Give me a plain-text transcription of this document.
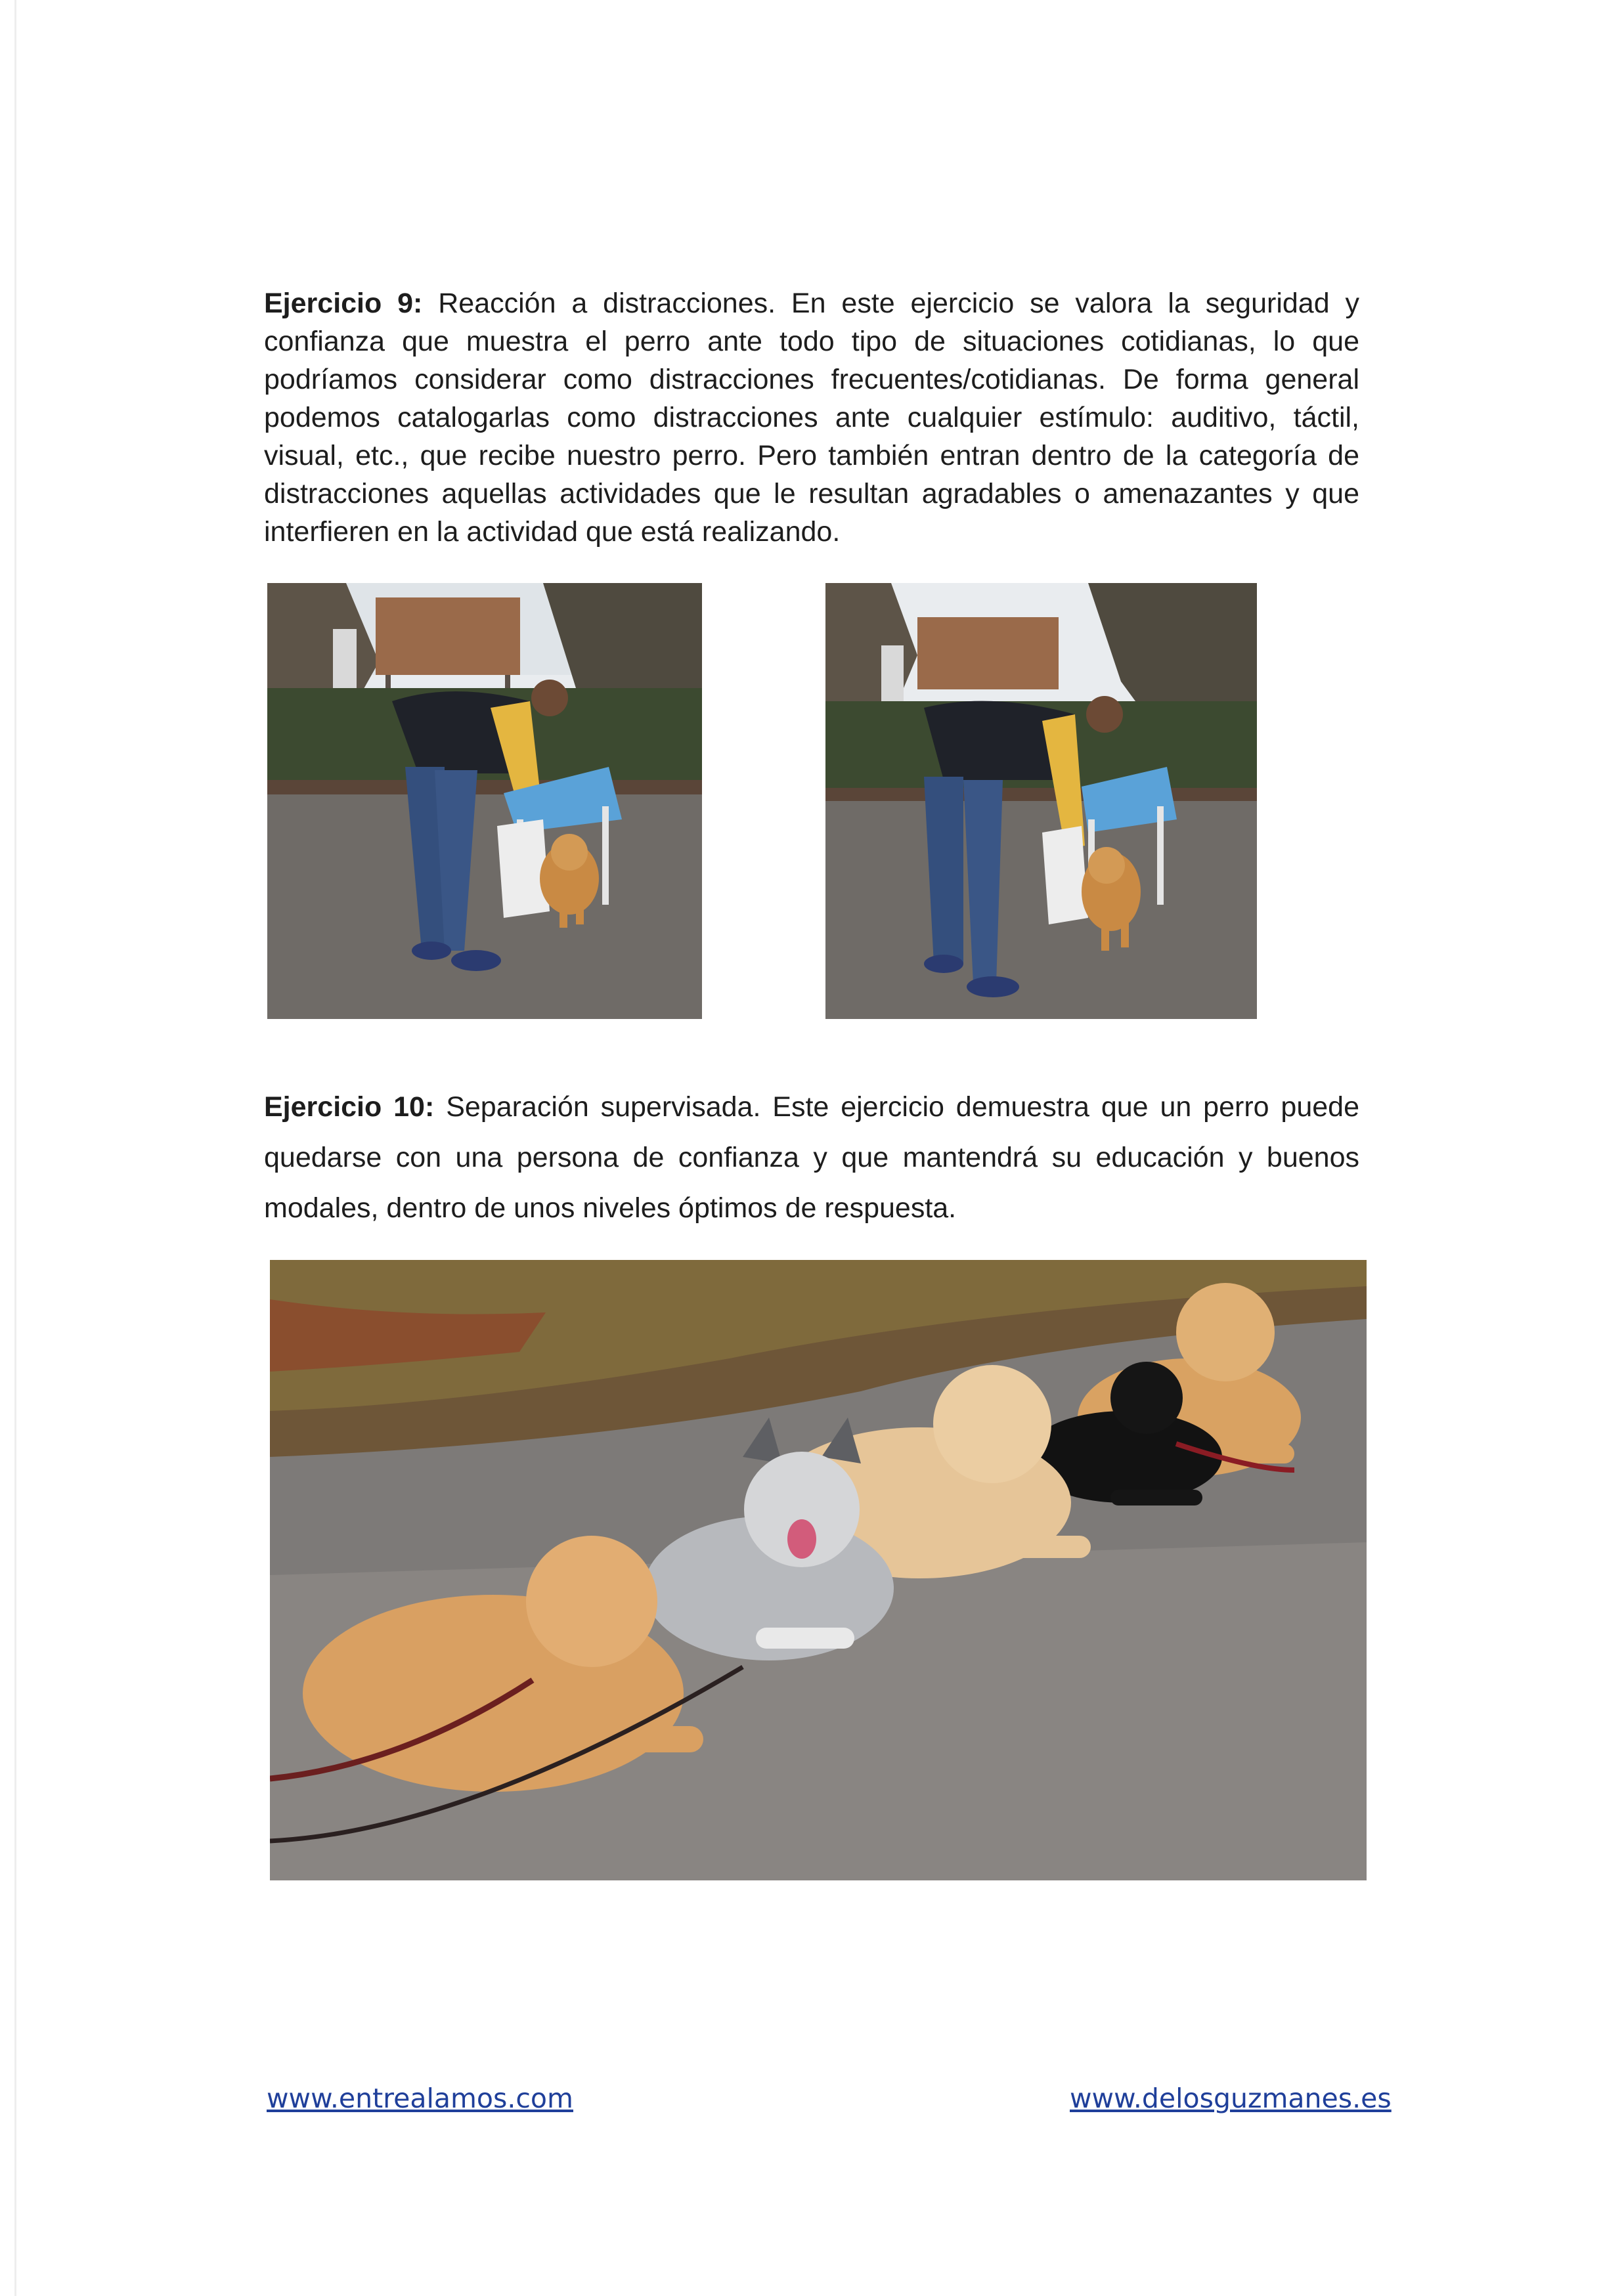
Ejercicio 9: Reacción a distracciones. En este ejercicio se valora la seguridad y confianza que muestra el perro ante todo tipo de situaciones cotidianas, lo que podríamos considerar como distracciones frecuentes/cotidianas. De forma general podemos catalogarlas como distracciones ante cualquier estímulo: auditivo, táctil, visual, etc., que recibe nuestro perro. Pero también entran dentro de la categoría de distracciones aquellas actividades que le resultan agradables o amenazantes y que interfieren en la actividad que está realizando.

Ejercicio 10: Separación supervisada. Este ejercicio demuestra que un perro puede quedarse con una persona de confianza y que mantendrá su educación y buenos modales, dentro de unos niveles óptimos de respuesta.

www.entrealamos.com	www.delosguzmanes.es
